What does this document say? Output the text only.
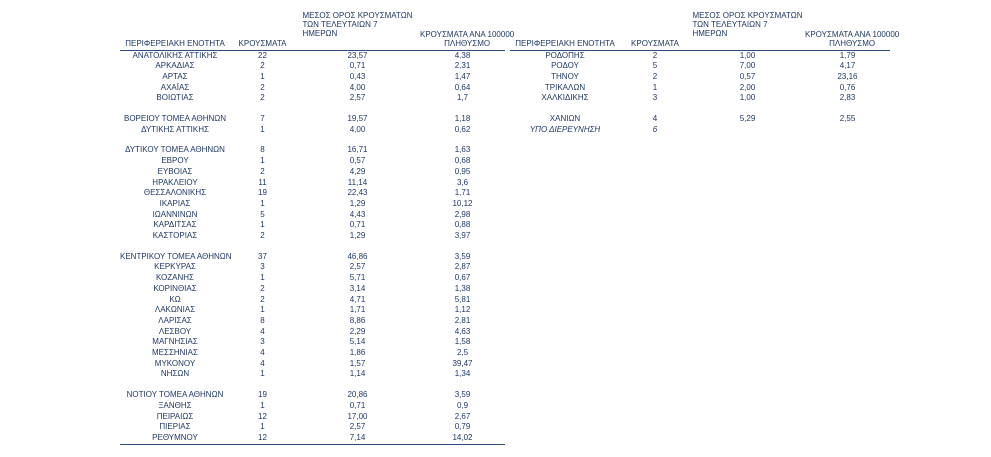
ΠΕΡΙΦΕΡΕΙΑΚΗ ΕΝΟΤΗΤΑ	ΚΡΟΥΣΜΑΤΑ	ΜΕΣΟΣ ΟΡΟΣ ΚΡΟΥΣΜΑΤΩΝ
ΤΩΝ ΤΕΛΕΥΤΑΙΩΝ 7
ΗΜΕΡΩΝ	ΚΡΟΥΣΜΑΤΑ ΑΝΑ 100000
ΠΛΗΘΥΣΜΟ
ΑΝΑΤΟΛΙΚΗΣ ΑΤΤΙΚΗΣ	22	23,57	4,38
ΑΡΚΑΔΙΑΣ	2	0,71	2,31
ΑΡΤΑΣ	1	0,43	1,47
ΑΧΑΪΑΣ	2	4,00	0,64
ΒΟΙΩΤΙΑΣ	2	2,57	1,7

ΒΟΡΕΙΟΥ ΤΟΜΕΑ ΑΘΗΝΩΝ	7	19,57	1,18
ΔΥΤΙΚΗΣ ΑΤΤΙΚΗΣ	1	4,00	0,62

ΔΥΤΙΚΟΥ ΤΟΜΕΑ ΑΘΗΝΩΝ	8	16,71	1,63
ΕΒΡΟΥ	1	0,57	0,68
ΕΥΒΟΙΑΣ	2	4,29	0,95
ΗΡΑΚΛΕΙΟΥ	11	11,14	3,6
ΘΕΣΣΑΛΟΝΙΚΗΣ	19	22,43	1,71
ΙΚΑΡΙΑΣ	1	1,29	10,12
ΙΩΑΝΝΙΝΩΝ	5	4,43	2,98
ΚΑΡΔΙΤΣΑΣ	1	0,71	0,88
ΚΑΣΤΟΡΙΑΣ	2	1,29	3,97

ΚΕΝΤΡΙΚΟΥ ΤΟΜΕΑ ΑΘΗΝΩΝ	37	46,86	3,59
ΚΕΡΚΥΡΑΣ	3	2,57	2,87
ΚΟΖΑΝΗΣ	1	5,71	0,67
ΚΟΡΙΝΘΙΑΣ	2	3,14	1,38
ΚΩ	2	4,71	5,81
ΛΑΚΩΝΙΑΣ	1	1,71	1,12
ΛΑΡΙΣΑΣ	8	8,86	2,81
ΛΕΣΒΟΥ	4	2,29	4,63
ΜΑΓΝΗΣΙΑΣ	3	5,14	1,58
ΜΕΣΣΗΝΙΑΣ	4	1,86	2,5
ΜΥΚΟΝΟΥ	4	1,57	39,47
ΝΗΣΩΝ	1	1,14	1,34

ΝΟΤΙΟΥ ΤΟΜΕΑ ΑΘΗΝΩΝ	19	20,86	3,59
ΞΑΝΘΗΣ	1	0,71	0,9
ΠΕΙΡΑΙΩΣ	12	17,00	2,67
ΠΙΕΡΙΑΣ	1	2,57	0,79
ΡΕΘΥΜΝΟΥ	12	7,14	14,02
ΠΕΡΙΦΕΡΕΙΑΚΗ ΕΝΟΤΗΤΑ	ΚΡΟΥΣΜΑΤΑ	ΜΕΣΟΣ ΟΡΟΣ ΚΡΟΥΣΜΑΤΩΝ
ΤΩΝ ΤΕΛΕΥΤΑΙΩΝ 7
ΗΜΕΡΩΝ	ΚΡΟΥΣΜΑΤΑ ΑΝΑ 100000
ΠΛΗΘΥΣΜΟ
ΡΟΔΟΠΗΣ	2	1,00	1,79
ΡΟΔΟΥ	5	7,00	4,17
ΤΗΝΟΥ	2	0,57	23,16
ΤΡΙΚΑΛΩΝ	1	2,00	0,76
ΧΑΛΚΙΔΙΚΗΣ	3	1,00	2,83

ΧΑΝΙΩΝ	4	5,29	2,55
ΥΠΟ ΔΙΕΡΕΥΝΗΣΗ	6		
